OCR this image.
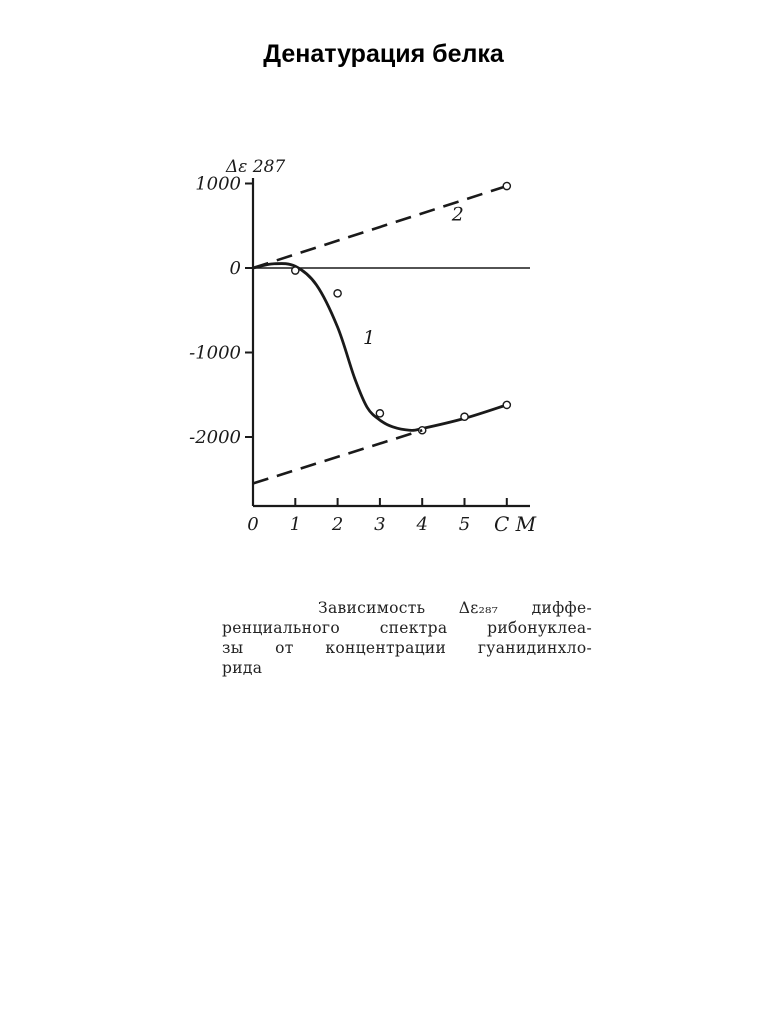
Денатурация белка
1000
0
-1000
-2000
0 1 2 3 4 5
Δε 287
C M
1
2
Зависимость Δε₂₈₇ диффе-
ренциального спектра рибонуклеа-
зы от концентрации гуанидинхло-
рида
